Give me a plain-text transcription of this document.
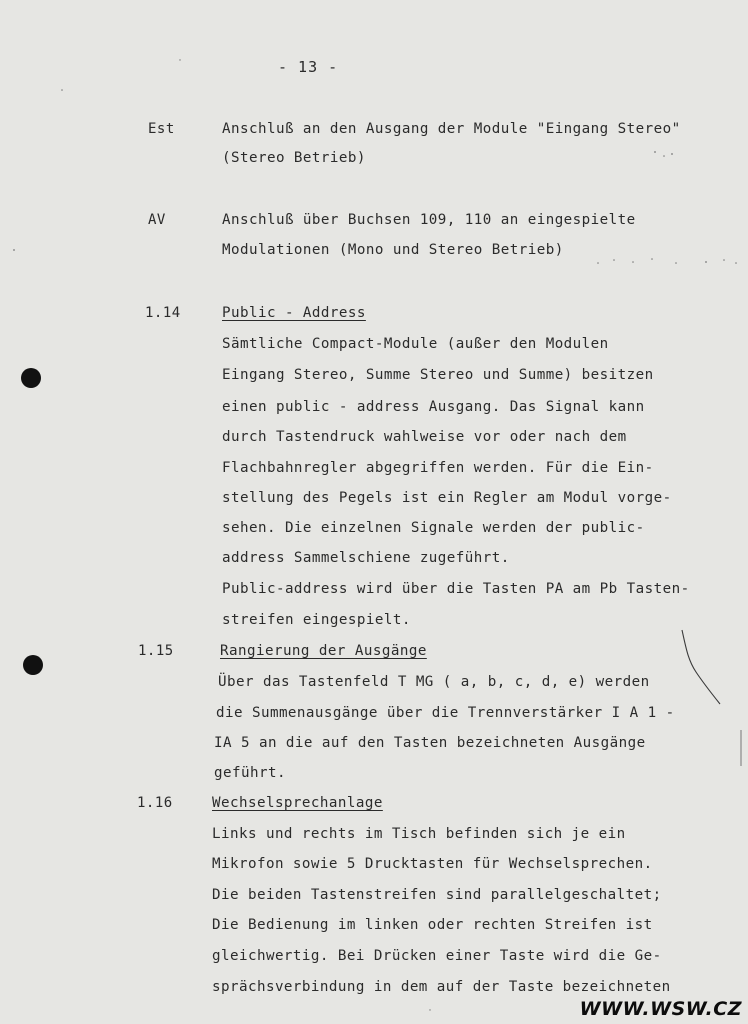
- 13 -
Est	Anschluß an den Ausgang der Module "Eingang Stereo"
(Stereo Betrieb)
AV	Anschluß über Buchsen 109, 110 an eingespielte
Modulationen (Mono und Stereo Betrieb)
1.14	Public - Address
Sämtliche Compact-Module (außer den Modulen
Eingang Stereo, Summe Stereo und Summe) besitzen
einen public - address Ausgang. Das Signal kann
durch Tastendruck wahlweise vor oder nach dem
Flachbahnregler abgegriffen werden. Für die Ein-
stellung des Pegels ist ein Regler am Modul vorge-
sehen. Die einzelnen Signale werden der public-
address Sammelschiene zugeführt.
Public-address wird über die Tasten PA am Pb Tasten-
streifen eingespielt.
1.15	Rangierung der Ausgänge
Über das Tastenfeld T MG ( a, b, c, d, e) werden
die Summenausgänge über die Trennverstärker I A 1 -
IA 5 an die auf den Tasten bezeichneten Ausgänge
geführt.
1.16	Wechselsprechanlage
Links und rechts im Tisch befinden sich je ein
Mikrofon sowie 5 Drucktasten für Wechselsprechen.
Die beiden Tastenstreifen sind parallelgeschaltet;
Die Bedienung im linken oder rechten Streifen ist
gleichwertig. Bei Drücken einer Taste wird die Ge-
sprächsverbindung in dem auf der Taste bezeichneten
WWW.WSW.CZ
